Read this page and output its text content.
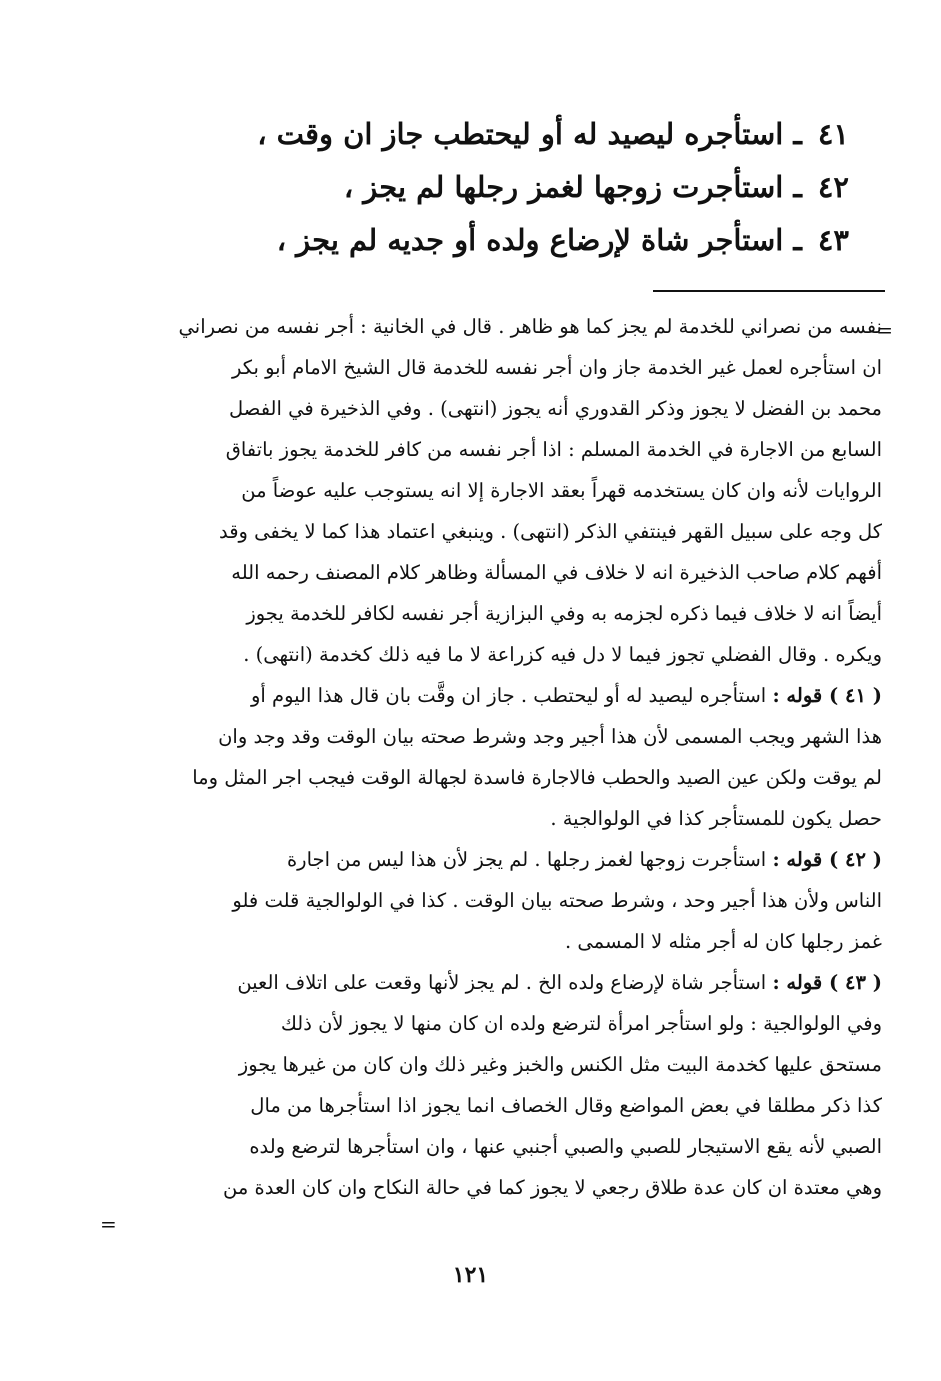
٤١ـاستأجره ليصيد له أو ليحتطب جاز ان وقت ،
٤٢ـاستأجرت زوجها لغمز رجلها لم يجز ،
٤٣ـاستأجر شاة لإرضاع ولده أو جديه لم يجز ،
=
=
نفسه من نصراني للخدمة لم يجز كما هو ظاهر . قال في الخانية : أجر نفسه من نصراني
ان استأجره لعمل غير الخدمة جاز وان أجر نفسه للخدمة قال الشيخ الامام أبو بكر
محمد بن الفضل لا يجوز وذكر القدوري أنه يجوز (انتهى) . وفي الذخيرة في الفصل
السابع من الاجارة في الخدمة المسلم : اذا أجر نفسه من كافر للخدمة يجوز باتفاق
الروايات لأنه وان كان يستخدمه قهراً بعقد الاجارة إلا انه يستوجب عليه عوضاً من
كل وجه على سبيل القهر فينتفي الذكر (انتهى) . وينبغي اعتماد هذا كما لا يخفى وقد
أفهم كلام صاحب الذخيرة انه لا خلاف في المسألة وظاهر كلام المصنف رحمه الله
أيضاً انه لا خلاف فيما ذكره لجزمه به وفي البزازية أجر نفسه لكافر للخدمة يجوز
ويكره . وقال الفضلي تجوز فيما لا دل فيه كزراعة لا ما فيه ذلك كخدمة (انتهى) .
( ٤١ ) قوله : استأجره ليصيد له أو ليحتطب . جاز ان وقَّت بان قال هذا اليوم أو
هذا الشهر ويجب المسمى لأن هذا أجير وجد وشرط صحته بيان الوقت وقد وجد وان
لم يوقت ولكن عين الصيد والحطب فالاجارة فاسدة لجهالة الوقت فيجب اجر المثل وما
حصل يكون للمستأجر كذا في الولوالجية .
( ٤٢ ) قوله : استأجرت زوجها لغمز رجلها . لم يجز لأن هذا ليس من اجارة
الناس ولأن هذا أجير وحد ، وشرط صحته بيان الوقت . كذا في الولوالجية قلت فلو
غمز رجلها كان له أجر مثله لا المسمى .
( ٤٣ ) قوله : استأجر شاة لإرضاع ولده الخ . لم يجز لأنها وقعت على اتلاف العين
وفي الولوالجية : ولو استأجر امرأة لترضع ولده ان كان منها لا يجوز لأن ذلك
مستحق عليها كخدمة البيت مثل الكنس والخبز وغير ذلك وان كان من غيرها يجوز
كذا ذكر مطلقا في بعض المواضع وقال الخصاف انما يجوز اذا استأجرها من مال
الصبي لأنه يقع الاستيجار للصبي والصبي أجنبي عنها ، وان استأجرها لترضع ولده
وهي معتدة ان كان عدة طلاق رجعي لا يجوز كما في حالة النكاح وان كان العدة من
١٢١
